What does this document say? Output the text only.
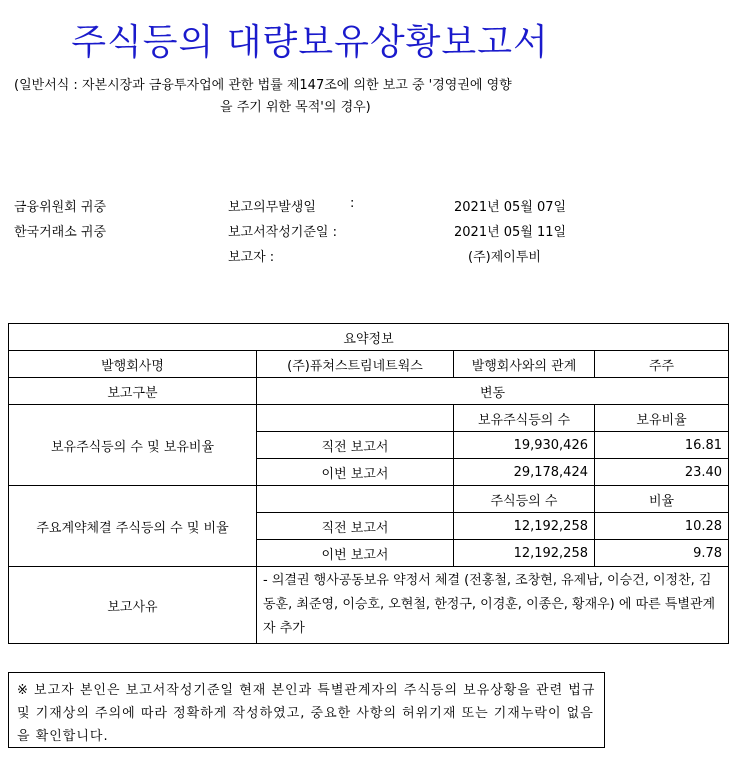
주식등의 대량보유상황보고서
(일반서식 : 자본시장과 금융투자업에 관한 법률 제147조에 의한 보고 중 '경영권에 영향
을 주기 위한 목적'의 경우)
금융위원회 귀중
한국거래소 귀중
보고의무발생일	:	2021년 05월 07일
보고서작성기준일 :	2021년 05월 11일
보고자 :	(주)제이투비
요약정보			
발행회사명	(주)퓨쳐스트림네트웍스	발행회사와의 관계	주주
보고구분	변동		
보유주식등의 수 및 보유비율		보유주식등의 수	보유비율
	직전 보고서	19,930,426	16.81
	이번 보고서	29,178,424	23.40
주요계약체결 주식등의 수 및 비율		주식등의 수	비율
	직전 보고서	12,192,258	10.28
	이번 보고서	12,192,258	9.78
보고사유	- 의결권 행사공동보유 약정서 체결 (전홍철, 조창현, 유제남, 이승건, 이정찬, 김동훈, 최준영, 이승호, 오현철, 한정구, 이경훈, 이종은, 황재우) 에 따른 특별관계자 추가		
※ 보고자 본인은 보고서작성기준일 현재 본인과 특별관계자의 주식등의 보유상황을 관련 법규 및 기재상의 주의에 따라 정확하게 작성하였고, 중요한 사항의 허위기재 또는 기재누락이 없음을 확인합니다.
